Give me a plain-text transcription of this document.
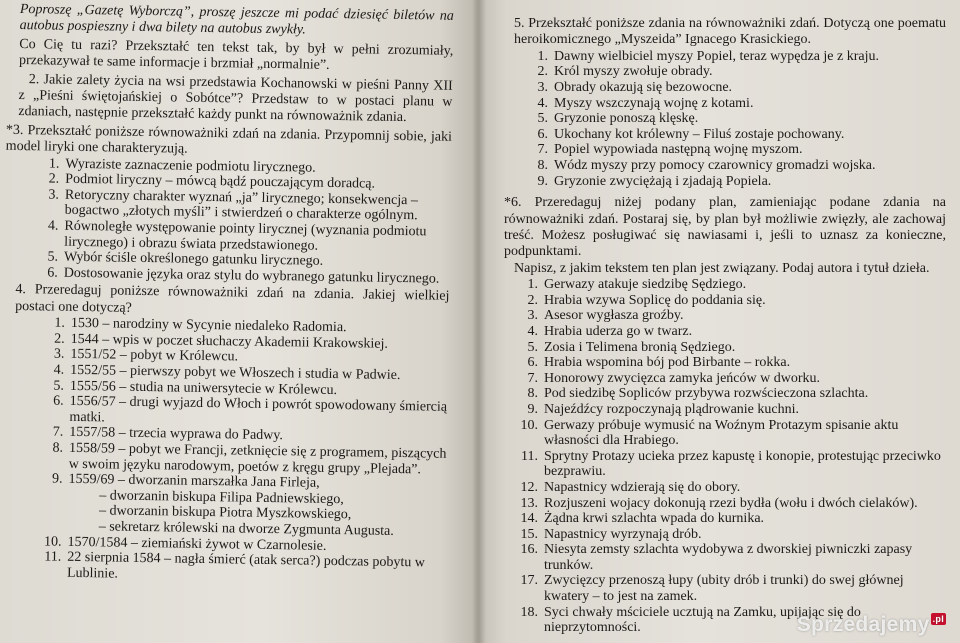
Poproszę „Gazetę Wyborczą”, proszę jeszcze mi podać dziesięć biletów na autobus pospieszny i dwa bilety na autobus zwykły.

Co Cię tu razi? Przekształć ten tekst tak, by był w pełni zrozumiały, przekazywał te same informacje i brzmiał „normalnie”.

2. Jakie zalety życia na wsi przedstawia Kochanowski w pieśni Panny XII z „Pieśni świętojańskiej o Sobótce”? Przedstaw to w postaci planu w zdaniach, następnie przekształć każdy punkt na równoważnik zdania.

*3. Przekształć poniższe równoważniki zdań na zdania. Przypomnij sobie, jaki model liryki one charakteryzują.

1. Wyraziste zaznaczenie podmiotu lirycznego.
2. Podmiot liryczny – mówcą bądź pouczającym doradcą.
3. Retoryczny charakter wyznań „ja” lirycznego; konsekwencja – bogactwo „złotych myśli” i stwierdzeń o charakterze ogólnym.
4. Równoległe występowanie pointy lirycznej (wyznania podmiotu lirycznego) i obrazu świata przedstawionego.
5. Wybór ściśle określonego gatunku lirycznego.
6. Dostosowanie języka oraz stylu do wybranego gatunku lirycznego.

4. Przeredaguj poniższe równoważniki zdań na zdania. Jakiej wielkiej postaci one dotyczą?

1. 1530 – narodziny w Sycynie niedaleko Radomia.
2. 1544 – wpis w poczet słuchaczy Akademii Krakowskiej.
3. 1551/52 – pobyt w Królewcu.
4. 1552/55 – pierwszy pobyt we Włoszech i studia w Padwie.
5. 1555/56 – studia na uniwersytecie w Królewcu.
6. 1556/57 – drugi wyjazd do Włoch i powrót spowodowany śmiercią matki.
7. 1557/58 – trzecia wyprawa do Padwy.
8. 1558/59 – pobyt we Francji, zetknięcie się z programem, piszących w swoim języku narodowym, poetów z kręgu grupy „Plejada”.
9. 1559/69 – dworzanin marszałka Jana Firleja,
– dworzanin biskupa Filipa Padniewskiego,
– dworzanin biskupa Piotra Myszkowskiego,
– sekretarz królewski na dworze Zygmunta Augusta.
10. 1570/1584 – ziemiański żywot w Czarnolesie.
11. 22 sierpnia 1584 – nagła śmierć (atak serca?) podczas pobytu w Lublinie.

5. Przekształć poniższe zdania na równoważniki zdań. Dotyczą one poematu heroikomicznego „Myszeida” Ignacego Krasickiego.

1. Dawny wielbiciel myszy Popiel, teraz wypędza je z kraju.
2. Król myszy zwołuje obrady.
3. Obrady okazują się bezowocne.
4. Myszy wszczynają wojnę z kotami.
5. Gryzonie ponoszą klęskę.
6. Ukochany kot królewny – Filuś zostaje pochowany.
7. Popiel wypowiada następną wojnę myszom.
8. Wódz myszy przy pomocy czarownicy gromadzi wojska.
9. Gryzonie zwyciężają i zjadają Popiela.

*6. Przeredaguj niżej podany plan, zamieniając podane zdania na równoważniki zdań. Postaraj się, by plan był możliwie zwięzły, ale zachowaj treść. Możesz posługiwać się nawiasami i, jeśli to uznasz za konieczne, podpunktami.

Napisz, z jakim tekstem ten plan jest związany. Podaj autora i tytuł dzieła.

1. Gerwazy atakuje siedzibę Sędziego.
2. Hrabia wzywa Soplicę do poddania się.
3. Asesor wygłasza groźby.
4. Hrabia uderza go w twarz.
5. Zosia i Telimena bronią Sędziego.
6. Hrabia wspomina bój pod Birbante – rokka.
7. Honorowy zwycięzca zamyka jeńców w dworku.
8. Pod siedzibę Sopliców przybywa rozwścieczona szlachta.
9. Najeźdźcy rozpoczynają plądrowanie kuchni.
10. Gerwazy próbuje wymusić na Woźnym Protazym spisanie aktu własności dla Hrabiego.
11. Sprytny Protazy ucieka przez kapustę i konopie, protestując przeciwko bezprawiu.
12. Napastnicy wdzierają się do obory.
13. Rozjuszeni wojacy dokonują rzezi bydła (wołu i dwóch cielaków).
14. Żądna krwi szlachta wpada do kurnika.
15. Napastnicy wyrzynają drób.
16. Niesyta zemsty szlachta wydobywa z dworskiej piwniczki zapasy trunków.
17. Zwycięzcy przenoszą łupy (ubity drób i trunki) do swej głównej kwatery – to jest na zamek.
18. Syci chwały mściciele ucztują na Zamku, upijając się do nieprzytomności.	Sprzedajemy .pl
